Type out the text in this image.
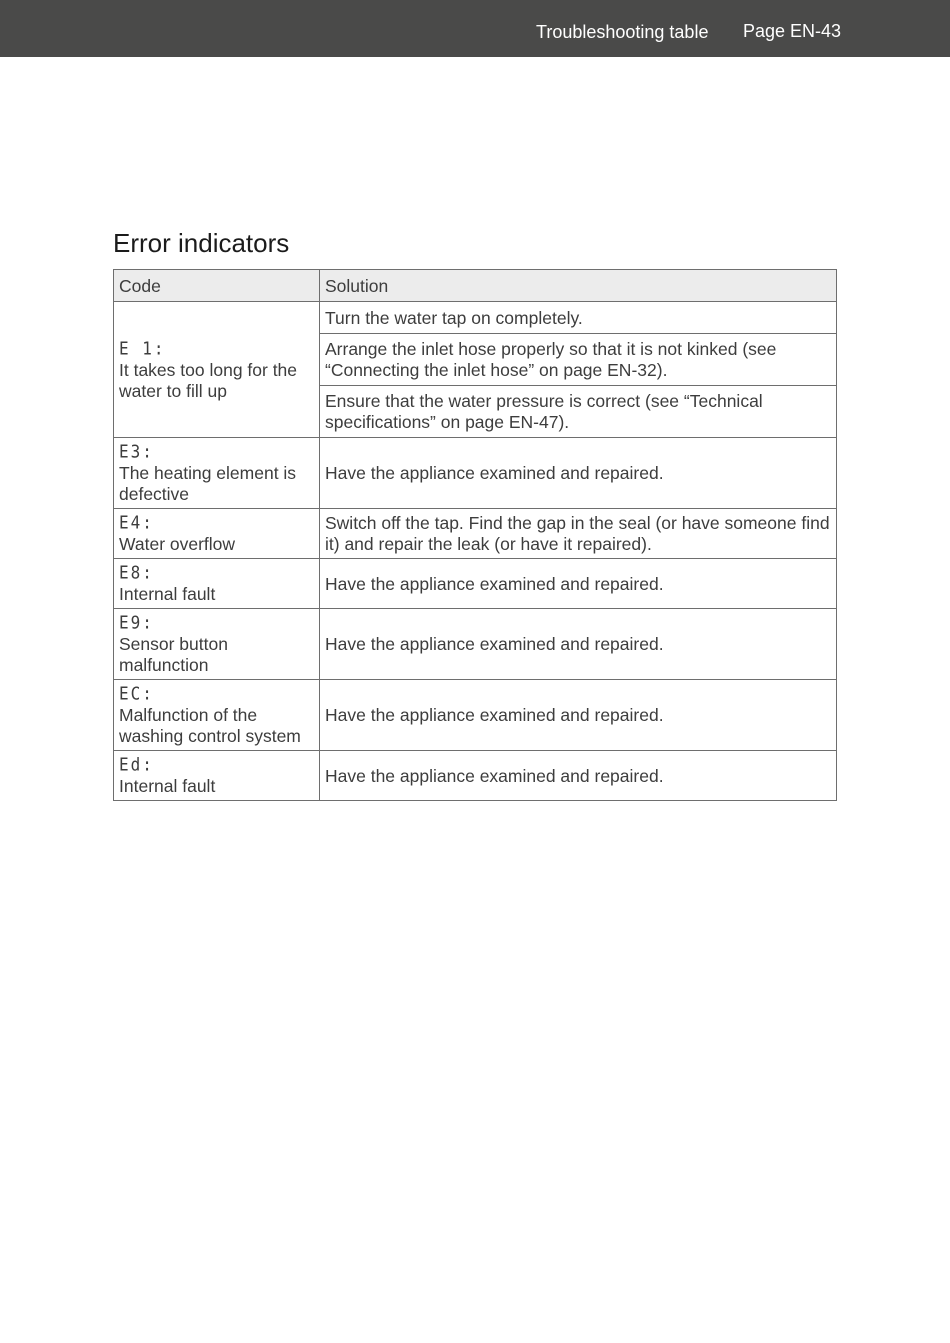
Troubleshooting table Page EN-43
Error indicators
Code	Solution

E 1:
It takes too long for the water to fill up	Turn the water tap on completely.
	Arrange the inlet hose properly so that it is not kinked (see “Connecting the inlet hose” on page EN-32).
	Ensure that the water pressure is correct (see “Technical specifications” on page EN-47).

E3:
The heating element is defective	Have the appliance examined and repaired.

E4:
Water overflow	Switch off the tap. Find the gap in the seal (or have someone find it) and repair the leak (or have it repaired).

E8:
Internal fault	Have the appliance examined and repaired.

E9:
Sensor button malfunction	Have the appliance examined and repaired.

EC:
Malfunction of the washing control system	Have the appliance examined and repaired.

Ed:
Internal fault	Have the appliance examined and repaired.
